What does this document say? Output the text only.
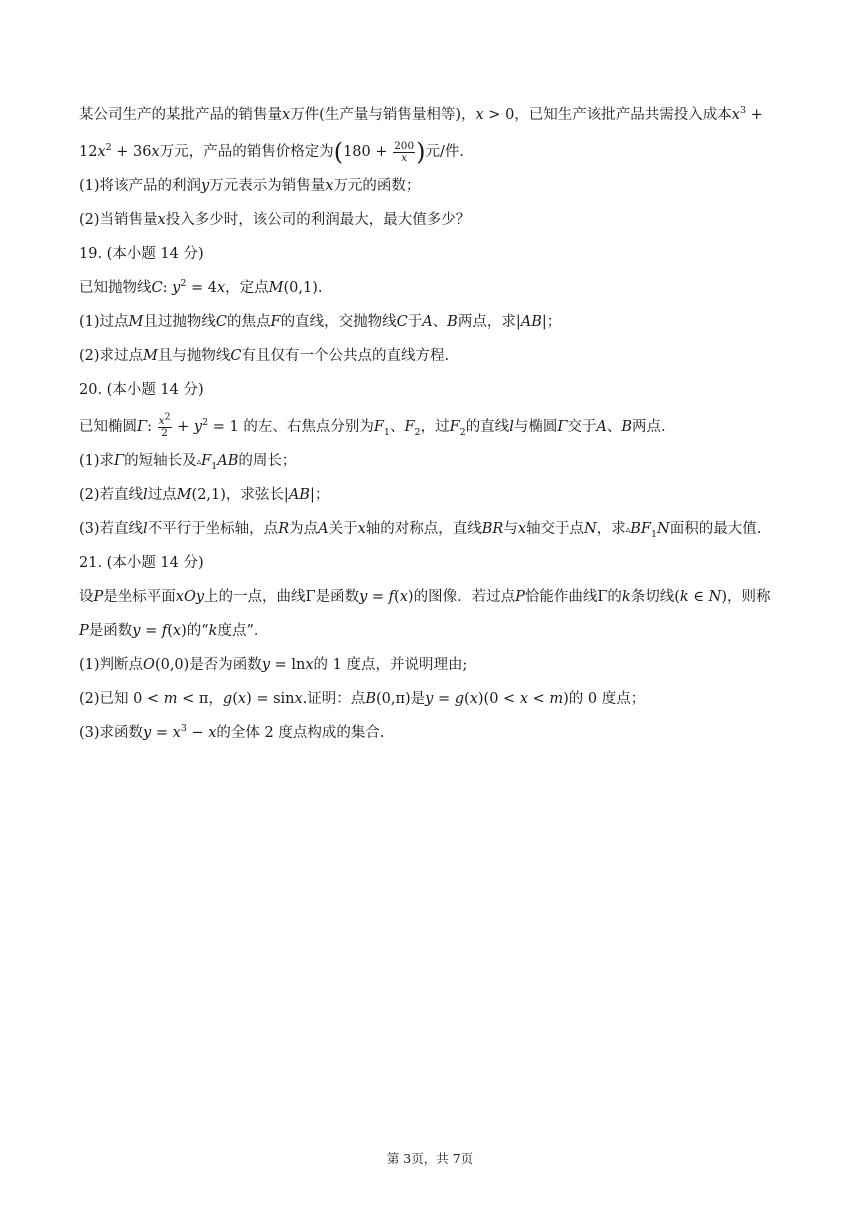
某公司生产的某批产品的销售量x万件(生产量与销售量相等)，x > 0，已知生产该批产品共需投入成本$x^3$ +
$12x^2 + 36x$万元，产品的销售价格定为($180 + \frac{200}{x}$ )元/件.
(1)将该产品的利润y万元表示为销售量x万元的函数；
(2)当销售量x投入多少时，该公司的利润最大，最大值多少？
19. (本小题 14 分)
已知抛物线C: $y^2 = 4x$，定点M(0,1).
(1)过点M且过抛物线C的焦点F的直线，交抛物线C于A、B两点，求|AB|；
(2)求过点M且与抛物线C有且仅有一个公共点的直线方程.
20. (本小题 14 分)
已知椭圆Γ: $\frac{x^2}{2} + y^2 = 1$ 的左、右焦点分别为$F_1$、$F_2$，过$F_2$的直线l与椭圆Γ交于A、B两点.
(1)求Γ的短轴长及$▵F_1AB$的周长；
(2)若直线l过点M(2,1)，求弦长|AB|；
(3)若直线l不平行于坐标轴，点R为点A关于x轴的对称点，直线BR与x轴交于点N，求$▵BF_1N$面积的最大值.
21. (本小题 14 分)
设P是坐标平面xOy上的一点，曲线Γ是函数y = f(x)的图像．若过点P恰能作曲线Γ的k条切线(k ∈ N)，则称
P是函数y = f(x)的“k度点”．
(1)判断点O(0,0)是否为函数y = lnx的 1 度点，并说明理由;
(2)已知 0 < m < π，g(x) = sinx.证明：点B(0,π)是y = g(x)(0 < x < m)的 0 度点；
(3)求函数$y = x^3 - x$的全体 2 度点构成的集合.
第 3页，共 7页
